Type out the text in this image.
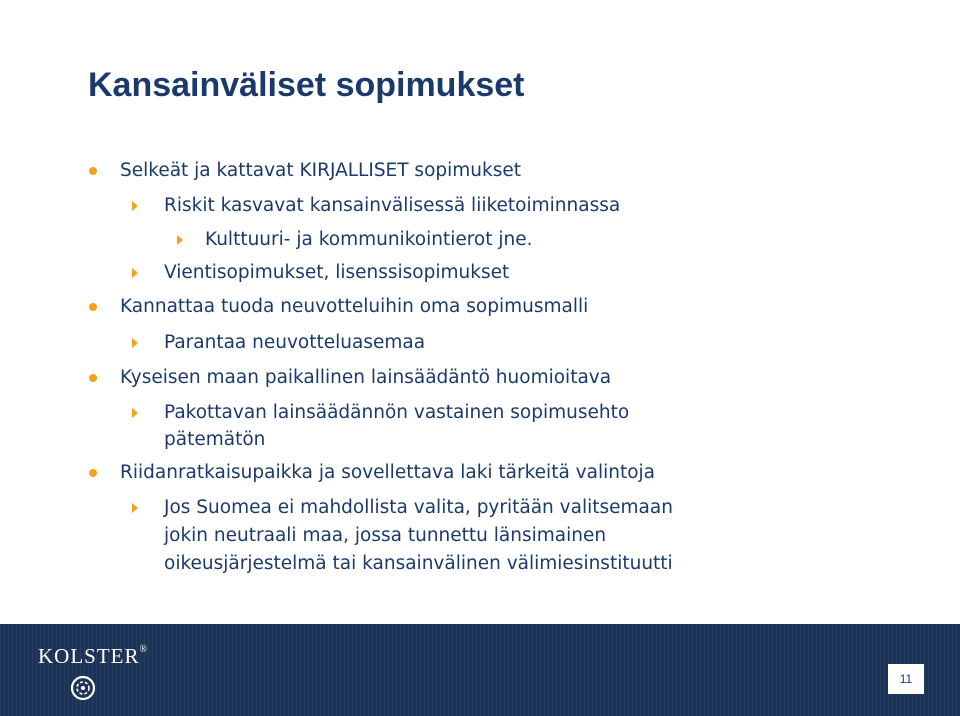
Kansainväliset sopimukset
Selkeät ja kattavat KIRJALLISET sopimukset
Riskit kasvavat kansainvälisessä liiketoiminnassa
Kulttuuri- ja kommunikointierot jne.
Vientisopimukset, lisenssisopimukset
Kannattaa tuoda neuvotteluihin oma sopimusmalli
Parantaa neuvotteluasemaa
Kyseisen maan paikallinen lainsäädäntö huomioitava
Pakottavan lainsäädännön vastainen sopimusehto
pätemätön
Riidanratkaisupaikka ja sovellettava laki tärkeitä valintoja
Jos Suomea ei mahdollista valita, pyritään valitsemaan
jokin neutraali maa, jossa tunnettu länsimainen
oikeusjärjestelmä tai kansainvälinen välimiesinstituutti
KOLSTER®
11
